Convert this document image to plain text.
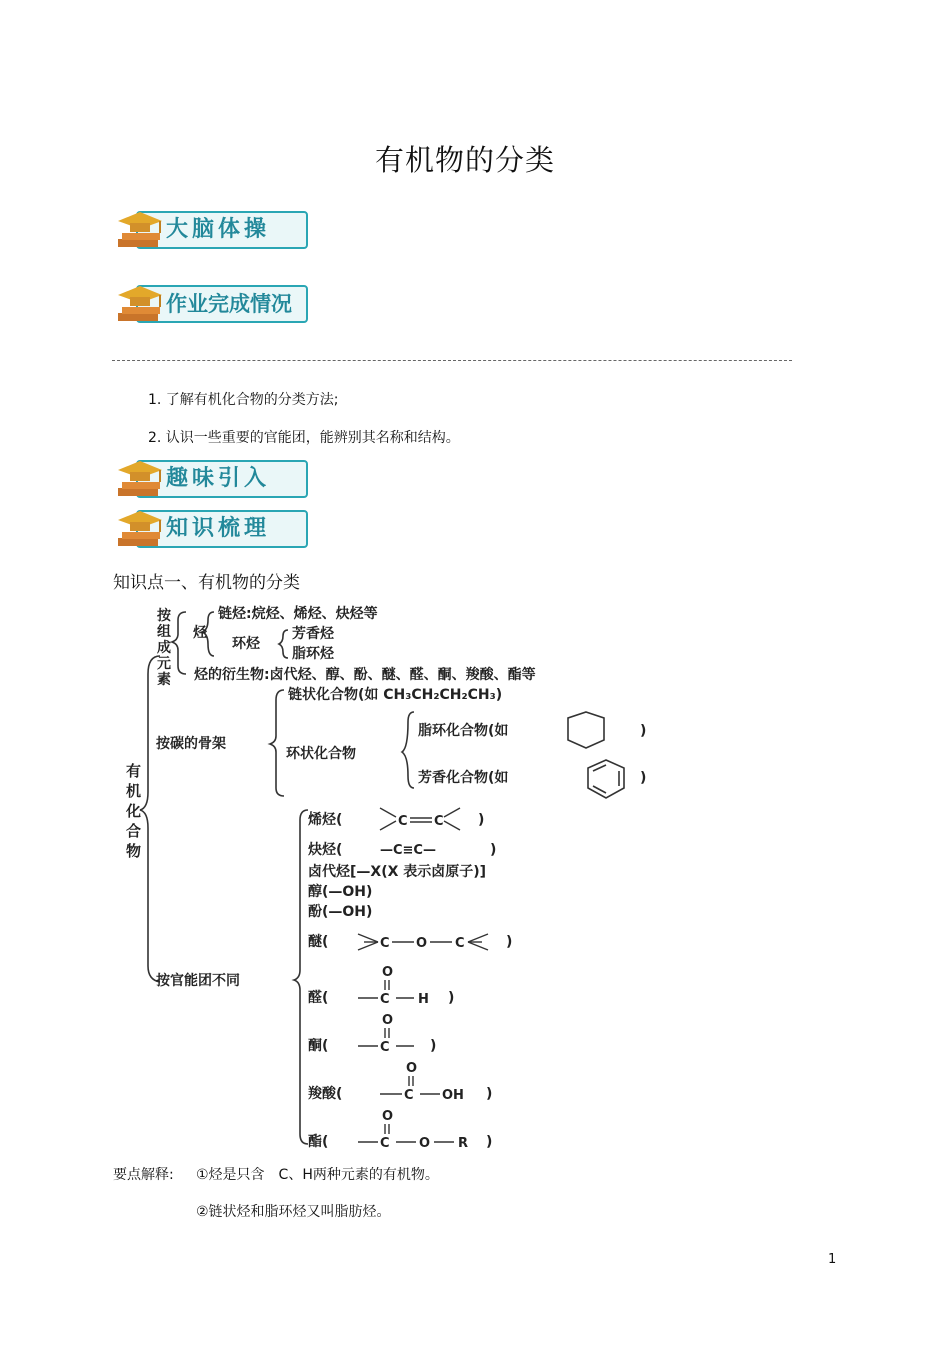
有机物的分类
大脑体操
作业完成情况
1. 了解有机化合物的分类方法;
2. 认识一些重要的官能团，能辨别其名称和结构。
趣味引入
知识梳理
知识点一、有机物的分类
有
机
化
合
物
按
组
成
元
素
烃
链烃:烷烃、烯烃、炔烃等
环烃
芳香烃
脂环烃
烃的衍生物:卤代烃、醇、酚、醚、醛、酮、羧酸、酯等
按碳的骨架
链状化合物(如 CH₃CH₂CH₂CH₃)
环状化合物
脂环化合物(如	)
芳香化合物(如	)
按官能团不同
烯烃(	C C )
炔烃(	—C≡C—	)
卤代烃[—X(X 表示卤原子)]
醇(—OH)
酚(—OH)
醚(	C O C	)
醛(
O
C H )
酮(
O
C	)
羧酸(
O
C OH )
酯(
O
C O R )
要点解释: ①烃是只含　C、H两种元素的有机物。
②链状烃和脂环烃又叫脂肪烃。
1
